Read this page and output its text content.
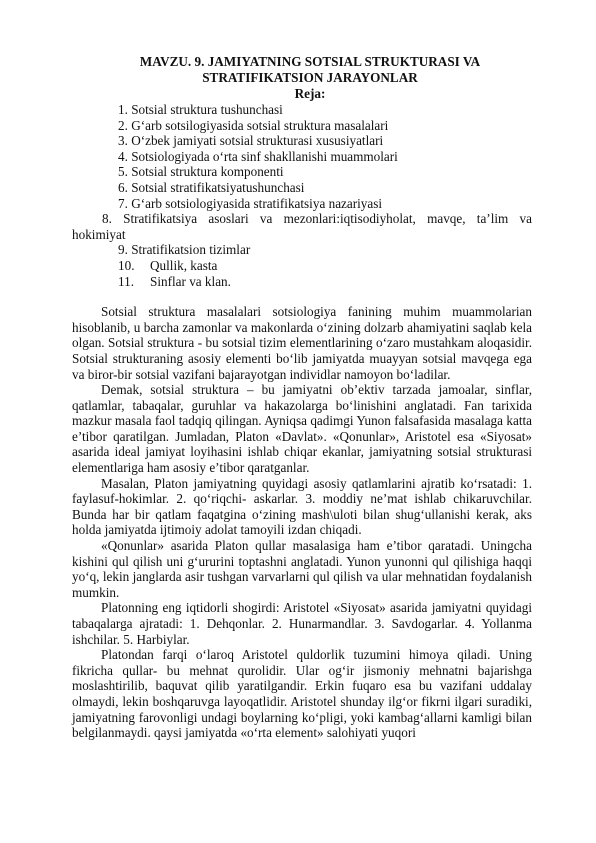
MAVZU. 9. JAMIYATNING SOTSIAL STRUKTURASI VA

STRATIFIKATSION JARAYONLAR

Reja:

1. Sotsial struktura tushunchasi
2. G‘arb sotsilogiyasida sotsial struktura masalalari
3. O‘zbek jamiyati sotsial strukturasi xususiyatlari
4. Sotsiologiyada o‘rta sinf shakllanishi muammolari
5. Sotsial struktura komponenti
6. Sotsial stratifikatsiyatushunchasi
7. G‘arb sotsiologiyasida stratifikatsiya nazariyasi
8. Stratifikatsiya asoslari va mezonlari:iqtisodiyholat, mavqe, ta’lim va hokimiyat
9. Stratifikatsion tizimlar
10. Qullik, kasta
11. Sinflar va klan.

Sotsial struktura masalalari sotsiologiya fanining muhim muammolarian hisoblanib, u barcha zamonlar va makonlarda o‘zining dolzarb ahamiyatini saqlab kela olgan. Sotsial struktura - bu sotsial tizim elementlarining o‘zaro mustahkam aloqasidir. Sotsial strukturaning asosiy elementi bo‘lib jamiyatda muayyan sotsial mavqega ega va biror-bir sotsial vazifani bajarayotgan individlar namoyon bo‘ladilar.

Demak, sotsial struktura – bu jamiyatni ob’ektiv tarzada jamoalar, sinflar, qatlamlar, tabaqalar, guruhlar va hakazolarga bo‘linishini anglatadi. Fan tarixida mazkur masala faol tadqiq qilingan. Ayniqsa qadimgi Yunon falsafasida masalaga katta e’tibor qaratilgan. Jumladan, Platon «Davlat». «Qonunlar», Aristotel esa «Siyosat» asarida ideal jamiyat loyihasini ishlab chiqar ekanlar, jamiyatning sotsial strukturasi elementlariga ham asosiy e’tibor qaratganlar.

Masalan, Platon jamiyatning quyidagi asosiy qatlamlarini ajratib ko‘rsatadi: 1. faylasuf-hokimlar. 2. qo‘riqchi- askarlar. 3. moddiy ne’mat ishlab chikaruvchilar. Bunda har bir qatlam faqatgina o‘zining mash\uloti bilan shug‘ullanishi kerak, aks holda jamiyatda ijtimoiy adolat tamoyili izdan chiqadi.

«Qonunlar» asarida Platon qullar masalasiga ham e’tibor qaratadi. Uningcha kishini qul qilish uni g‘ururini toptashni anglatadi. Yunon yunonni qul qilishiga haqqi yo‘q, lekin janglarda asir tushgan varvarlarni qul qilish va ular mehnatidan foydalanish mumkin.

Platonning eng iqtidorli shogirdi: Aristotel «Siyosat» asarida jamiyatni quyidagi tabaqalarga ajratadi: 1. Dehqonlar. 2. Hunarmandlar. 3. Savdogarlar. 4. Yollanma ishchilar. 5. Harbiylar.

Platondan farqi o‘laroq Aristotel quldorlik tuzumini himoya qiladi. Uning fikricha qullar- bu mehnat qurolidir. Ular og‘ir jismoniy mehnatni bajarishga moslashtirilib, baquvat qilib yaratilgandir. Erkin fuqaro esa bu vazifani uddalay olmaydi, lekin boshqaruvga layoqatlidir. Aristotel shunday ilg‘or fikrni ilgari suradiki, jamiyatning farovonligi undagi boylarning ko‘pligi, yoki kambag‘allarni kamligi bilan belgilanmaydi. qaysi jamiyatda «o‘rta element» salohiyati yuqori
